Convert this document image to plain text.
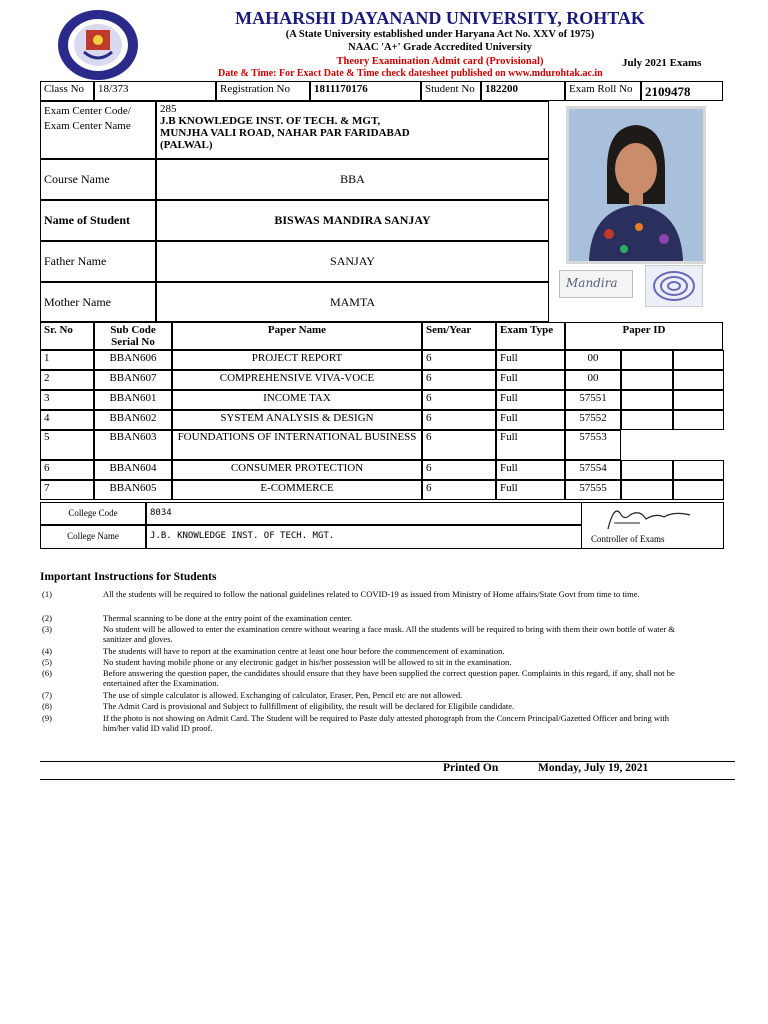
MAHARSHI DAYANAND UNIVERSITY, ROHTAK
(A State University established under Haryana Act No. XXV of 1975)
NAAC 'A+' Grade Accredited University
Theory Examination Admit card (Provisional)	July 2021 Exams
Date & Time: For Exact Date & Time check datesheet published on www.mdurohtak.ac.in
Class No	18/373	Registration No	1811170176	Student No 182200	Exam Roll No 2109478
Exam Center Code/
Exam Center Name
285
J.B KNOWLEDGE INST. OF TECH. & MGT,
MUNJHA VALI ROAD, NAHAR PAR FARIDABAD
(PALWAL)
Course Name	BBA
Name of Student	BISWAS MANDIRA SANJAY
Father Name	SANJAY
Mother Name	MAMTA
Mandira
Sr. No	Sub Code
Serial No
Paper Name	Sem/Year	Exam Type	Paper ID
1	BBAN606	PROJECT REPORT	6	Full	00
2	BBAN607	COMPREHENSIVE VIVA-VOCE	6	Full	00
3	BBAN601	INCOME TAX	6	Full	57551
4	BBAN602	SYSTEM ANALYSIS & DESIGN	6	Full	57552
5	BBAN603	FOUNDATIONS OF INTERNATIONAL BUSINESS 6	Full	57553
6	BBAN604	CONSUMER PROTECTION	6	Full	57554
7	BBAN605	E-COMMERCE	6	Full	57555
College Code	8034
College Name	J.B. KNOWLEDGE INST. OF TECH. MGT.	Controller of Exams
Important Instructions for Students
(1)	All the students will be required to follow the national guidelines related to COVID-19 as issued from Ministry of Home affairs/State Govt from time to time.
(2)	Thermal scanning to be done at the entry point of the examination center.
(3)	No student will be allowed to enter the examination centre without wearing a face mask. All the students will be required to bring with them their own bottle of water & sanitizer and gloves.
(4)	The students will have to report at the examination centre at least one hour before the commencement of examination.
(5)	No student having mobile phone or any electronic gadget in his/her possession will be allowed to sit in the examination.
(6)	Before answering the question paper, the candidates should ensure that they have been supplied the correct question paper. Complaints in this regard, if any, shall not be entertained after the Examination.
(7)	The use of simple calculator is allowed. Exchanging of calculator, Eraser, Pen, Pencil etc are not allowed.
(8)	The Admit Card is provisional and Subject to fullfillment of eligibility, the result will be declared for Eligibile candidate.
(9)	If the photo is not showing on Admit Card. The Student will be required to Paste duly attested photograph from the Concern Principal/Gazetted Officer and bring with him/her valid ID valid ID proof.
Printed On	Monday, July 19, 2021
